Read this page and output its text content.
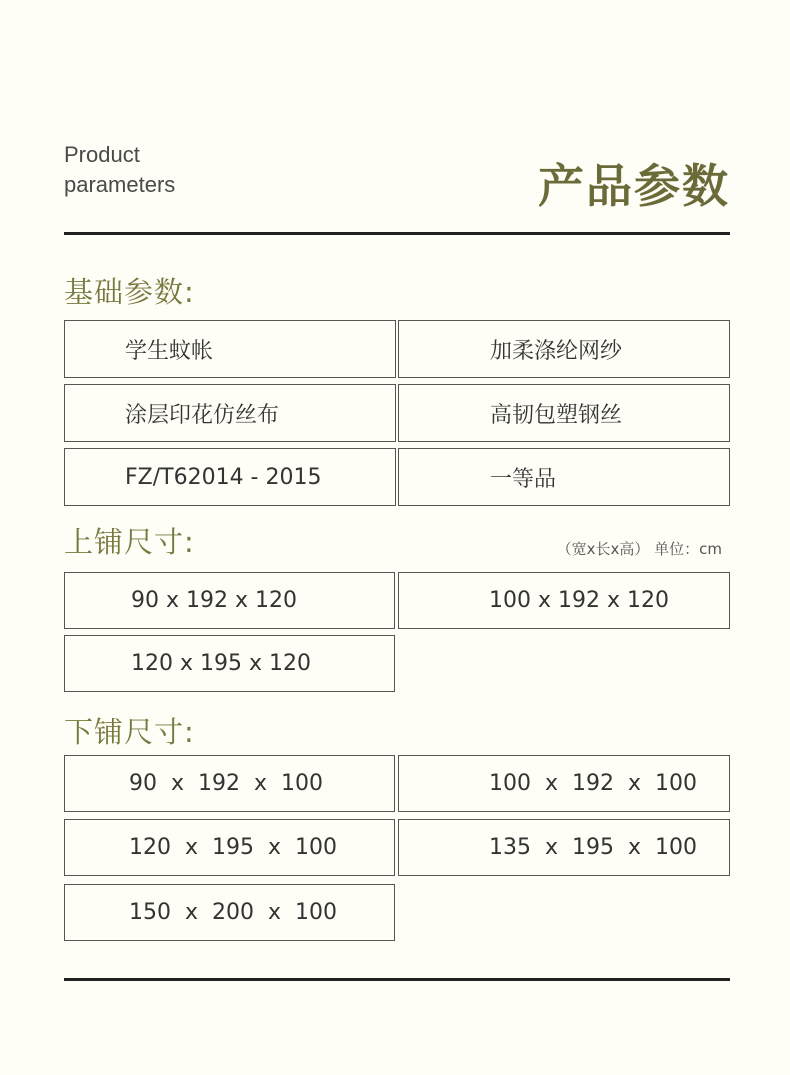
Product
parameters	产品参数
基础参数:
学生蚊帐	加柔涤纶网纱
涂层印花仿丝布	高韧包塑钢丝
FZ/T62014 - 2015	一等品
上铺尺寸:	（宽x长x高） 单位：cm
90 x 192 x 120	100 x 192 x 120
120 x 195 x 120
下铺尺寸:
90  x  192  x  100	100  x  192  x  100
120  x  195  x  100	135  x  195  x  100
150  x  200  x  100
